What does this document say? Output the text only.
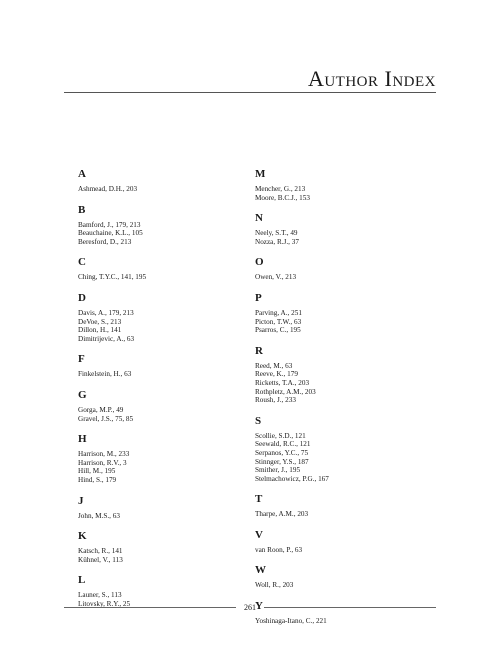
Author Index
A
Ashmead, D.H., 203
B
Bamford, J., 179, 213
Beauchaine, K.L., 105
Beresford, D., 213
C
Ching, T.Y.C., 141, 195
D
Davis, A., 179, 213
DeVoe, S., 213
Dillon, H., 141
Dimitrijevic, A., 63
F
Finkelstein, H., 63
G
Gorga, M.P., 49
Gravel, J.S., 75, 85
H
Harrison, M., 233
Harrison, R.V., 3
Hill, M., 195
Hind, S., 179
J
John, M.S., 63
K
Katsch, R., 141
Kühnel, V., 113
L
Launer, S., 113
Litovsky, R.Y., 25
M
Mencher, G., 213
Moore, B.C.J., 153
N
Neely, S.T., 49
Nozza, R.J., 37
O
Owen, V., 213
P
Parving, A., 251
Picton, T.W., 63
Psarros, C., 195
R
Reed, M., 63
Reeve, K., 179
Ricketts, T.A., 203
Rothpletz, A.M., 203
Roush, J., 233
S
Scollie, S.D., 121
Seewald, R.C., 121
Serpanos, Y.C., 75
Stinnger, Y.S., 187
Smither, J., 195
Stelmachowicz, P.G., 167
T
Tharpe, A.M., 203
V
van Roon, P., 63
W
Woll, R., 203
Y
Yoshinaga-Itano, C., 221
261
